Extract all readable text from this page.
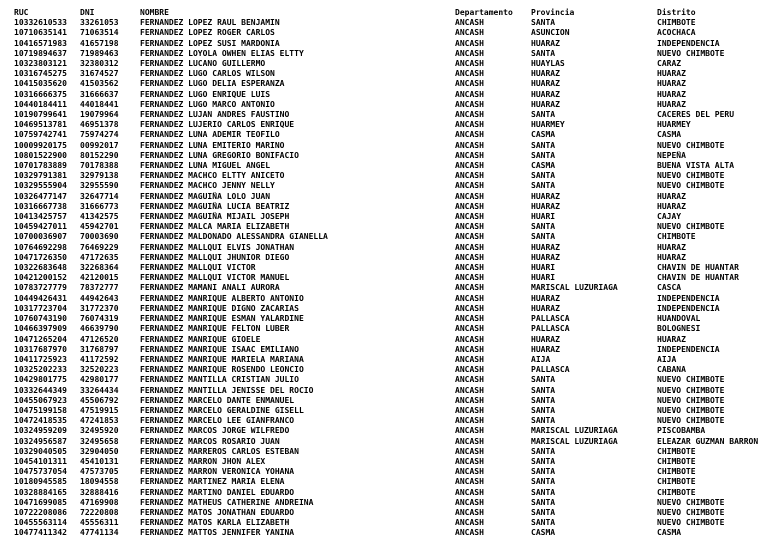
RUC	DNI	NOMBRE	Departamento	Provincia	Distrito
10332610533	33261053	FERNANDEZ LOPEZ RAUL BENJAMIN	ANCASH	SANTA	CHIMBOTE
10710635141	71063514	FERNANDEZ LOPEZ ROGER CARLOS	ANCASH	ASUNCION	ACOCHACA
10416571983	41657198	FERNANDEZ LOPEZ SUSI MARDONIA	ANCASH	HUARAZ	INDEPENDENCIA
10719894637	71989463	FERNANDEZ LOYOLA OWHEN ELIAS ELTTY	ANCASH	SANTA	NUEVO CHIMBOTE
10323803121	32380312	FERNANDEZ LUCANO GUILLERMO	ANCASH	HUAYLAS	CARAZ
10316745275	31674527	FERNANDEZ LUGO CARLOS WILSON	ANCASH	HUARAZ	HUARAZ
10415035620	41503562	FERNANDEZ LUGO DELIA ESPERANZA	ANCASH	HUARAZ	HUARAZ
10316666375	31666637	FERNANDEZ LUGO ENRIQUE LUIS	ANCASH	HUARAZ	HUARAZ
10440184411	44018441	FERNANDEZ LUGO MARCO ANTONIO	ANCASH	HUARAZ	HUARAZ
10190799641	19079964	FERNANDEZ LUJAN ANDRES FAUSTINO	ANCASH	SANTA	CACERES DEL PERU
10469513781	46951378	FERNANDEZ LUJERIO CARLOS ENRIQUE	ANCASH	HUARMEY	HUARMEY
10759742741	75974274	FERNANDEZ LUNA ADEMIR TEOFILO	ANCASH	CASMA	CASMA
10009920175	00992017	FERNANDEZ LUNA EMITERIO MARINO	ANCASH	SANTA	NUEVO CHIMBOTE
10801522900	80152290	FERNANDEZ LUNA GREGORIO BONIFACIO	ANCASH	SANTA	NEPEÑA
10701783889	70178388	FERNANDEZ LUNA MIGUEL ANGEL	ANCASH	CASMA	BUENA VISTA ALTA
10329791381	32979138	FERNANDEZ MACHCO ELTTY ANICETO	ANCASH	SANTA	NUEVO CHIMBOTE
10329555904	32955590	FERNANDEZ MACHCO JENNY NELLY	ANCASH	SANTA	NUEVO CHIMBOTE
10326477147	32647714	FERNANDEZ MAGUIÑA LOLO JUAN	ANCASH	HUARAZ	HUARAZ
10316667738	31666773	FERNANDEZ MAGUIÑA LUCIA BEATRIZ	ANCASH	HUARAZ	HUARAZ
10413425757	41342575	FERNANDEZ MAGUIÑA MIJAIL JOSEPH	ANCASH	HUARI	CAJAY
10459427011	45942701	FERNANDEZ MALCA MARIA ELIZABETH	ANCASH	SANTA	NUEVO CHIMBOTE
10700036907	70003690	FERNANDEZ MALDONADO ALESSANDRA GIANELLA	ANCASH	SANTA	CHIMBOTE
10764692298	76469229	FERNANDEZ MALLQUI ELVIS JONATHAN	ANCASH	HUARAZ	HUARAZ
10471726350	47172635	FERNANDEZ MALLQUI JHUNIOR DIEGO	ANCASH	HUARAZ	HUARAZ
10322683648	32268364	FERNANDEZ MALLQUI VICTOR	ANCASH	HUARI	CHAVIN DE HUANTAR
10421200152	42120015	FERNANDEZ MALLQUI VICTOR MANUEL	ANCASH	HUARI	CHAVIN DE HUANTAR
10783727779	78372777	FERNANDEZ MAMANI ANALI AURORA	ANCASH	MARISCAL LUZURIAGA	CASCA
10449426431	44942643	FERNANDEZ MANRIQUE ALBERTO ANTONIO	ANCASH	HUARAZ	INDEPENDENCIA
10317723704	31772370	FERNANDEZ MANRIQUE DIGNO ZACARIAS	ANCASH	HUARAZ	INDEPENDENCIA
10760743190	76074319	FERNANDEZ MANRIQUE ESMAN YALARDINE	ANCASH	PALLASCA	HUANDOVAL
10466397909	46639790	FERNANDEZ MANRIQUE FELTON LUBER	ANCASH	PALLASCA	BOLOGNESI
10471265204	47126520	FERNANDEZ MANRIQUE GIOELE	ANCASH	HUARAZ	HUARAZ
10317687970	31768797	FERNANDEZ MANRIQUE ISAAC EMILIANO	ANCASH	HUARAZ	INDEPENDENCIA
10411725923	41172592	FERNANDEZ MANRIQUE MARIELA MARIANA	ANCASH	AIJA	AIJA
10325202233	32520223	FERNANDEZ MANRIQUE ROSENDO LEONCIO	ANCASH	PALLASCA	CABANA
10429801775	42980177	FERNANDEZ MANTILLA CRISTIAN JULIO	ANCASH	SANTA	NUEVO CHIMBOTE
10332644349	33264434	FERNANDEZ MANTILLA JENISSE DEL ROCIO	ANCASH	SANTA	NUEVO CHIMBOTE
10455067923	45506792	FERNANDEZ MARCELO DANTE ENMANUEL	ANCASH	SANTA	NUEVO CHIMBOTE
10475199158	47519915	FERNANDEZ MARCELO GERALDINE GISELL	ANCASH	SANTA	NUEVO CHIMBOTE
10472418535	47241853	FERNANDEZ MARCELO LEE GIANFRANCO	ANCASH	SANTA	NUEVO CHIMBOTE
10324959209	32495920	FERNANDEZ MARCOS JORGE WILFREDO	ANCASH	MARISCAL LUZURIAGA	PISCOBAMBA
10324956587	32495658	FERNANDEZ MARCOS ROSARIO JUAN	ANCASH	MARISCAL LUZURIAGA	ELEAZAR GUZMAN BARRON
10329040505	32904050	FERNANDEZ MARREROS CARLOS ESTEBAN	ANCASH	SANTA	CHIMBOTE
10454101311	45410131	FERNANDEZ MARRON JHON ALEX	ANCASH	SANTA	CHIMBOTE
10475737054	47573705	FERNANDEZ MARRON VERONICA YOHANA	ANCASH	SANTA	CHIMBOTE
10180945585	18094558	FERNANDEZ MARTINEZ MARIA ELENA	ANCASH	SANTA	CHIMBOTE
10328884165	32888416	FERNANDEZ MARTINO DANIEL EDUARDO	ANCASH	SANTA	CHIMBOTE
10471699085	47169908	FERNANDEZ MATHEUS CATHERINE ANDREINA	ANCASH	SANTA	NUEVO CHIMBOTE
10722208086	72220808	FERNANDEZ MATOS JONATHAN EDUARDO	ANCASH	SANTA	NUEVO CHIMBOTE
10455563114	45556311	FERNANDEZ MATOS KARLA ELIZABETH	ANCASH	SANTA	NUEVO CHIMBOTE
10477411342	47741134	FERNANDEZ MATTOS JENNIFER YANINA	ANCASH	CASMA	CASMA
